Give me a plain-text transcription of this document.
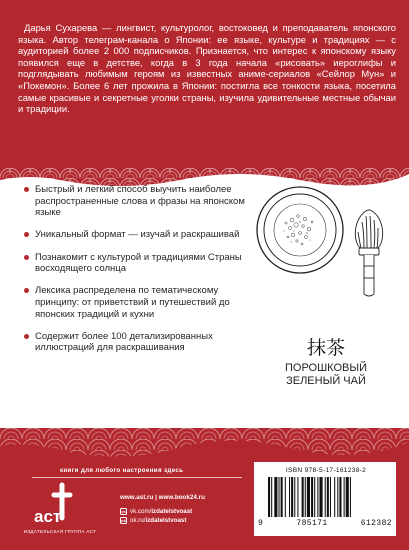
Дарья Сухарева — лингвист, культуролог, востоковед и преподаватель японского языка. Автор телеграм-канала о Японии: ее языке, культуре и традициях — с аудиторией более 2 000 подписчиков. Признается, что интерес к японскому языку появился еще в детстве, когда в 3 года начала «рисовать» иероглифы и подглядывать любимым героям из известных аниме-сериалов «Сейлор Мун» и «Покемон». Более 6 лет прожила в Японии: постигла все тонкости языка, посетила самые красивые и секретные уголки страны, изучила удивительные местные обычаи и традиции.

Быстрый и легкий способ выучить наиболее распространенные слова и фразы на японском языке
Уникальный формат — изучай и раскрашивай
Познакомит с культурой и традициями Страны восходящего солнца
Лексика распределена по тематическому принципу: от приветствий и путешествий до японских традиций и кухни
Содержит более 100 детализированных иллюстраций для раскрашивания	抹茶
ПОРОШКОВЫЙ
ЗЕЛЕНЫЙ ЧАЙ
книги для любого настроения здесь
аст
ИЗДАТЕЛЬСКАЯ ГРУППА АСТ
www.ast.ru | www.book24.ru
vk vk.com/ izdatelstvoast
ok ok.ru/ izdatelstvoast
ISBN 978-5-17-161238-2
9	785171	612382
